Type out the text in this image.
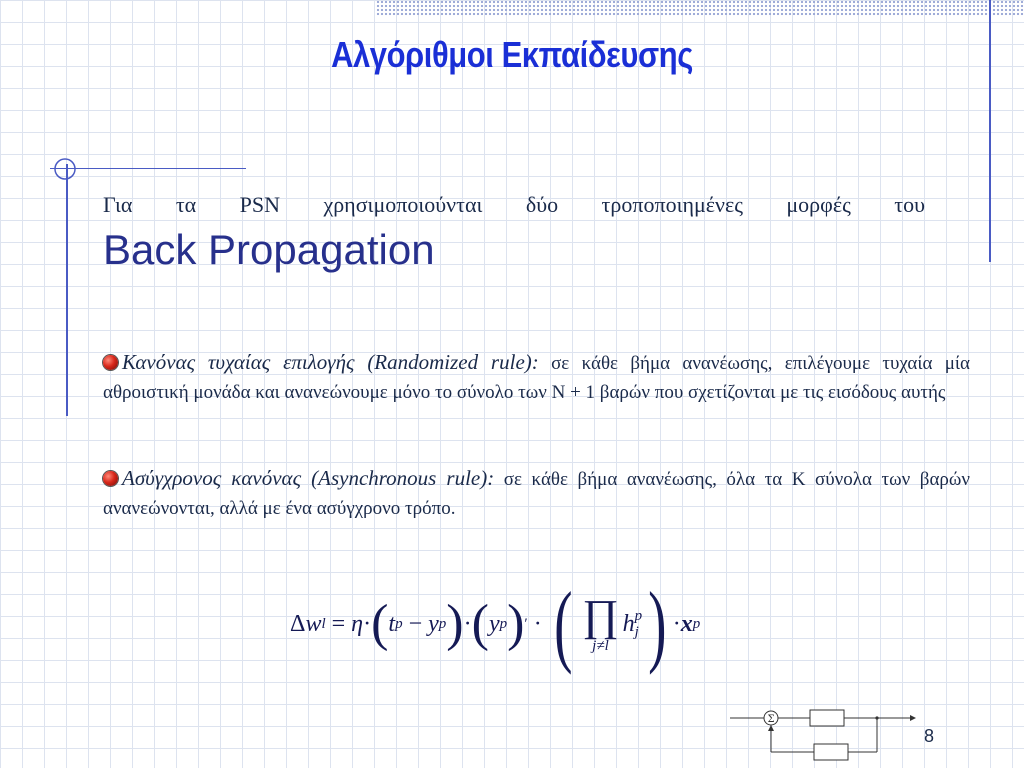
Αλγόριθμοι Εκπαίδευσης
Για τα PSN χρησιμοποιούνται δύο τροποποιημένες μορφές του
Back Propagation
Κανόνας τυχαίας επιλογής (Randomized rule): σε κάθε βήμα ανανέωσης, επιλέγουμε τυχαία μία αθροιστική μονάδα και ανανεώνουμε μόνο το σύνολο των N + 1 βαρών που σχετίζονται με τις εισόδους αυτής
Ασύγχρονος κανόνας (Asynchronous rule): σε κάθε βήμα ανανέωσης, όλα τα K σύνολα των βαρών ανανεώνονται, αλλά με ένα ασύγχρονο τρόπο.
Δ w l
=
η · ( t p
−
y p ) · ( y p ) ′
·
( ∏
j≠l
h p
j ) · x p
Σ
8
